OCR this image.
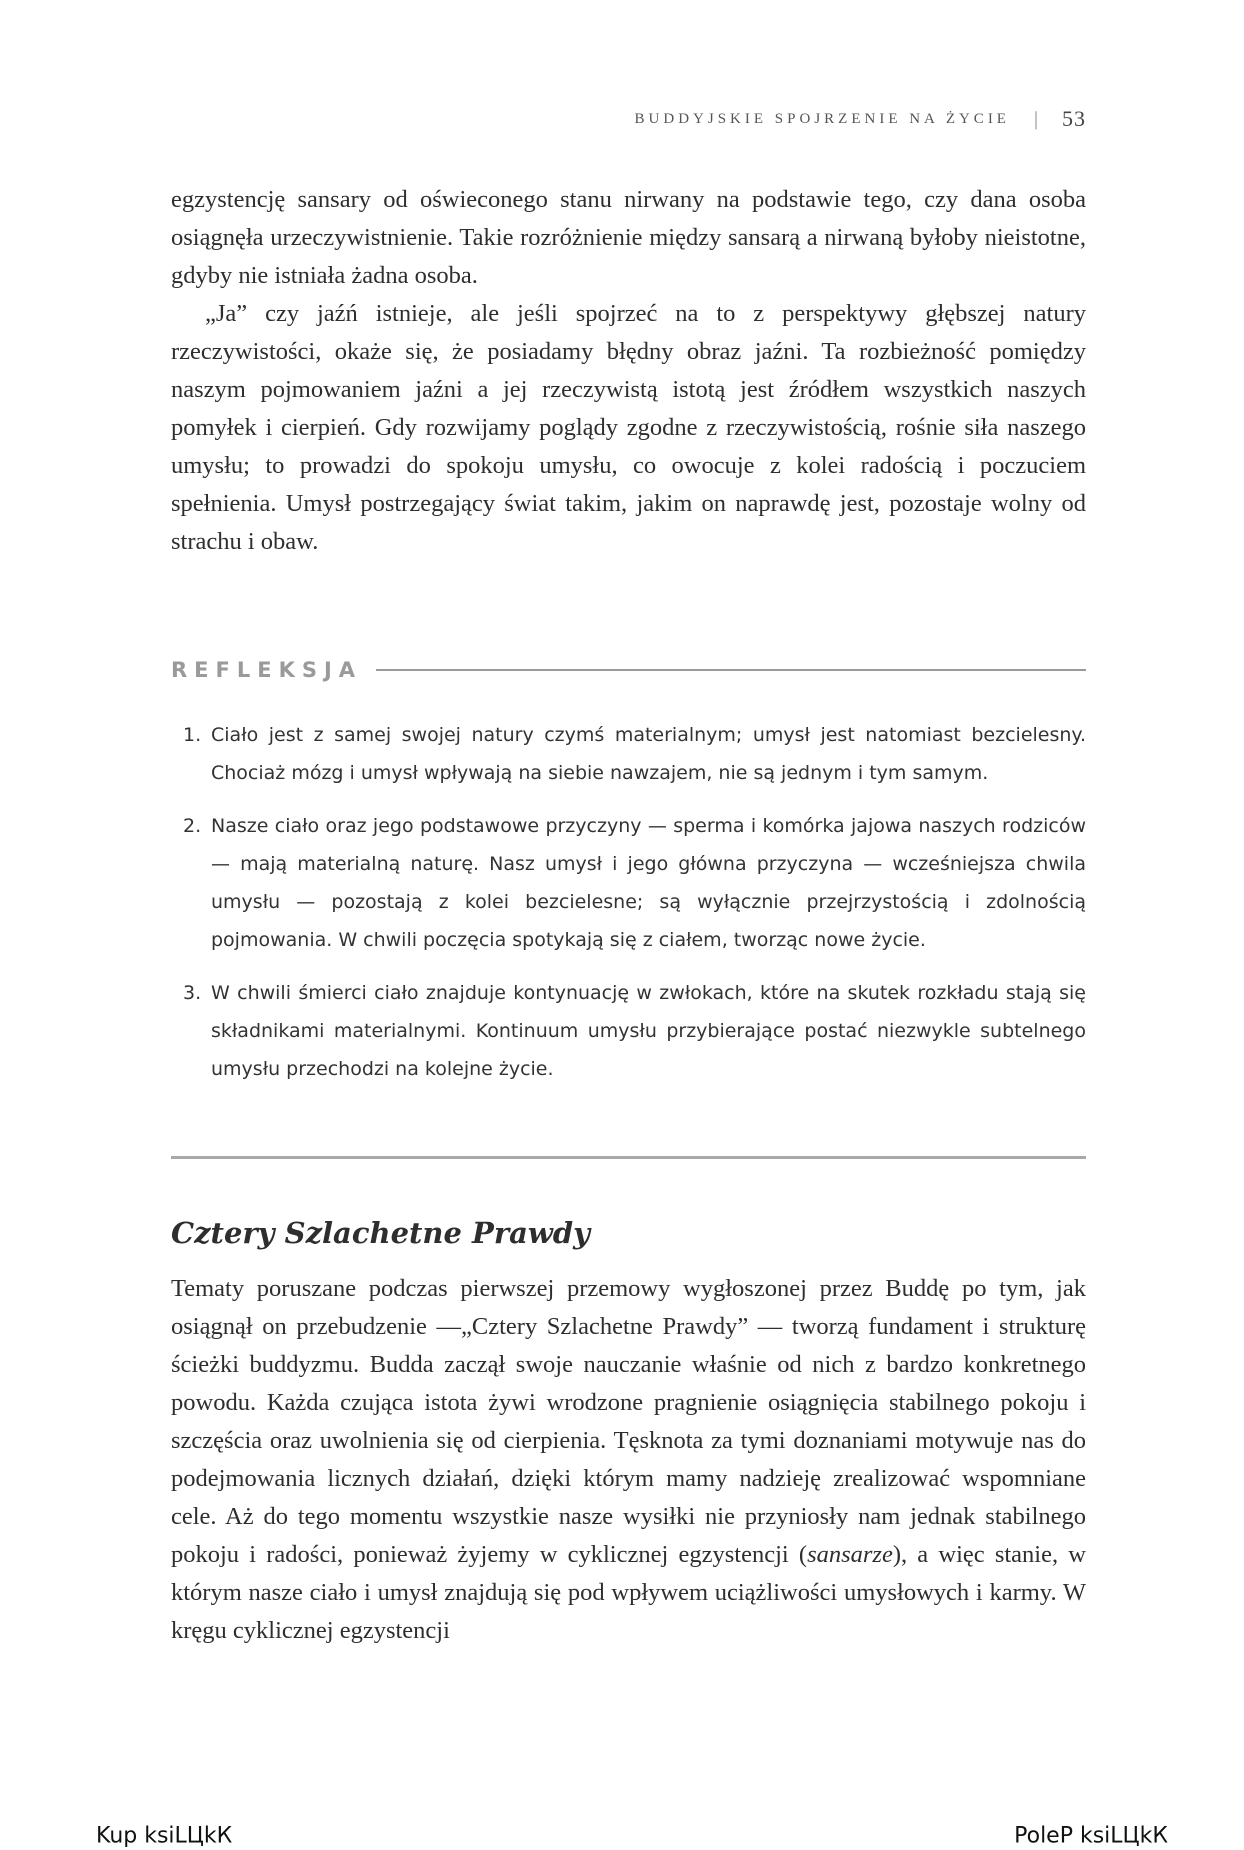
BUDDYJSKIE SPOJRZENIE NA ŻYCIE | 53

egzystencję sansary od oświeconego stanu nirwany na podstawie tego, czy dana osoba osiągnęła urzeczywistnienie. Takie rozróżnienie między sansarą a nirwaną byłoby nieistotne, gdyby nie istniała żadna osoba.

„Ja” czy jaźń istnieje, ale jeśli spojrzeć na to z perspektywy głębszej natury rzeczywistości, okaże się, że posiadamy błędny obraz jaźni. Ta rozbieżność pomiędzy naszym pojmowaniem jaźni a jej rzeczywistą istotą jest źródłem wszystkich naszych pomyłek i cierpień. Gdy rozwijamy poglądy zgodne z rzeczywistością, rośnie siła naszego umysłu; to prowadzi do spokoju umysłu, co owocuje z kolei radością i poczuciem spełnienia. Umysł postrzegający świat takim, jakim on naprawdę jest, pozostaje wolny od strachu i obaw.

REFLEKSJA
1. Ciało jest z samej swojej natury czymś materialnym; umysł jest natomiast bezcielesny. Chociaż mózg i umysł wpływają na siebie nawzajem, nie są jednym i tym samym.
2. Nasze ciało oraz jego podstawowe przyczyny — sperma i komórka jajowa naszych rodziców — mają materialną naturę. Nasz umysł i jego główna przyczyna — wcześniejsza chwila umysłu — pozostają z kolei bezcielesne; są wyłącznie przejrzystością i zdolnością pojmowania. W chwili poczęcia spotykają się z ciałem, tworząc nowe życie.
3. W chwili śmierci ciało znajduje kontynuację w zwłokach, które na skutek rozkładu stają się składnikami materialnymi. Kontinuum umysłu przybierające postać niezwykle subtelnego umysłu przechodzi na kolejne życie.
Cztery Szlachetne Prawdy

Tematy poruszane podczas pierwszej przemowy wygłoszonej przez Buddę po tym, jak osiągnął on przebudzenie —„Cztery Szlachetne Prawdy” — tworzą fundament i strukturę ścieżki buddyzmu. Budda zaczął swoje nauczanie właśnie od nich z bardzo konkretnego powodu. Każda czująca istota żywi wrodzone pragnienie osiągnięcia stabilnego pokoju i szczęścia oraz uwolnienia się od cierpienia. Tęsknota za tymi doznaniami motywuje nas do podejmowania licznych działań, dzięki którym mamy nadzieję zrealizować wspomniane cele. Aż do tego momentu wszystkie nasze wysiłki nie przyniosły nam jednak stabilnego pokoju i radości, ponieważ żyjemy w cyklicznej egzystencji (sansarze), a więc stanie, w którym nasze ciało i umysł znajdują się pod wpływem uciążliwości umysłowych i karmy. W kręgu cyklicznej egzystencji

Kup ksiLЦkК	PoleР ksiLЦkК
